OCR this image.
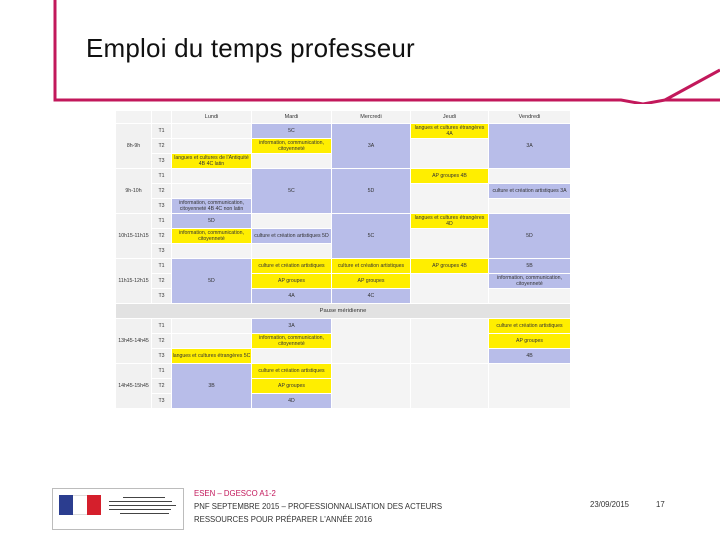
Emploi du temps professeur
		Lundi	Mardi	Mercredi	Jeudi	Vendredi
8h-9h	T1		5C	3A	langues et cultures étrangères 4A	3A
	T2		information, communication, citoyenneté			
	T3	langues et cultures de l'Antiquité 4B 4C latin				
9h-10h	T1		5C	5D	AP groupes 4B	
	T2					culture et création artistiques 3A
	T3	information, communication, citoyenneté 4B 4C non latin				
10h15-11h15	T1	5D		5C	langues et cultures étrangères 4D	5D
	T2	information, communication, citoyenneté	culture et création artistiques 5D			
	T3					
11h15-12h15	T1	5D	culture et création artistiques	culture et création artistiques	AP groupes 4B	5B
	T2		AP groupes	AP groupes		information, communication, citoyenneté
	T3		4A	4C		
Pause méridienne						
13h45-14h45	T1		3A			culture et création artistiques
	T2		information, communication, citoyenneté			AP groupes
	T3	langues et cultures étrangères 5C				4B
14h45-15h45	T1	3B	culture et création artistiques			
	T2		AP groupes			
	T3		4D			
ESEN – DGESCO A1-2
PNF SEPTEMBRE 2015 – PROFESSIONNALISATION DES ACTEURS
RESSOURCES POUR PRÉPARER L'ANNÉE 2016
23/09/2015	17
